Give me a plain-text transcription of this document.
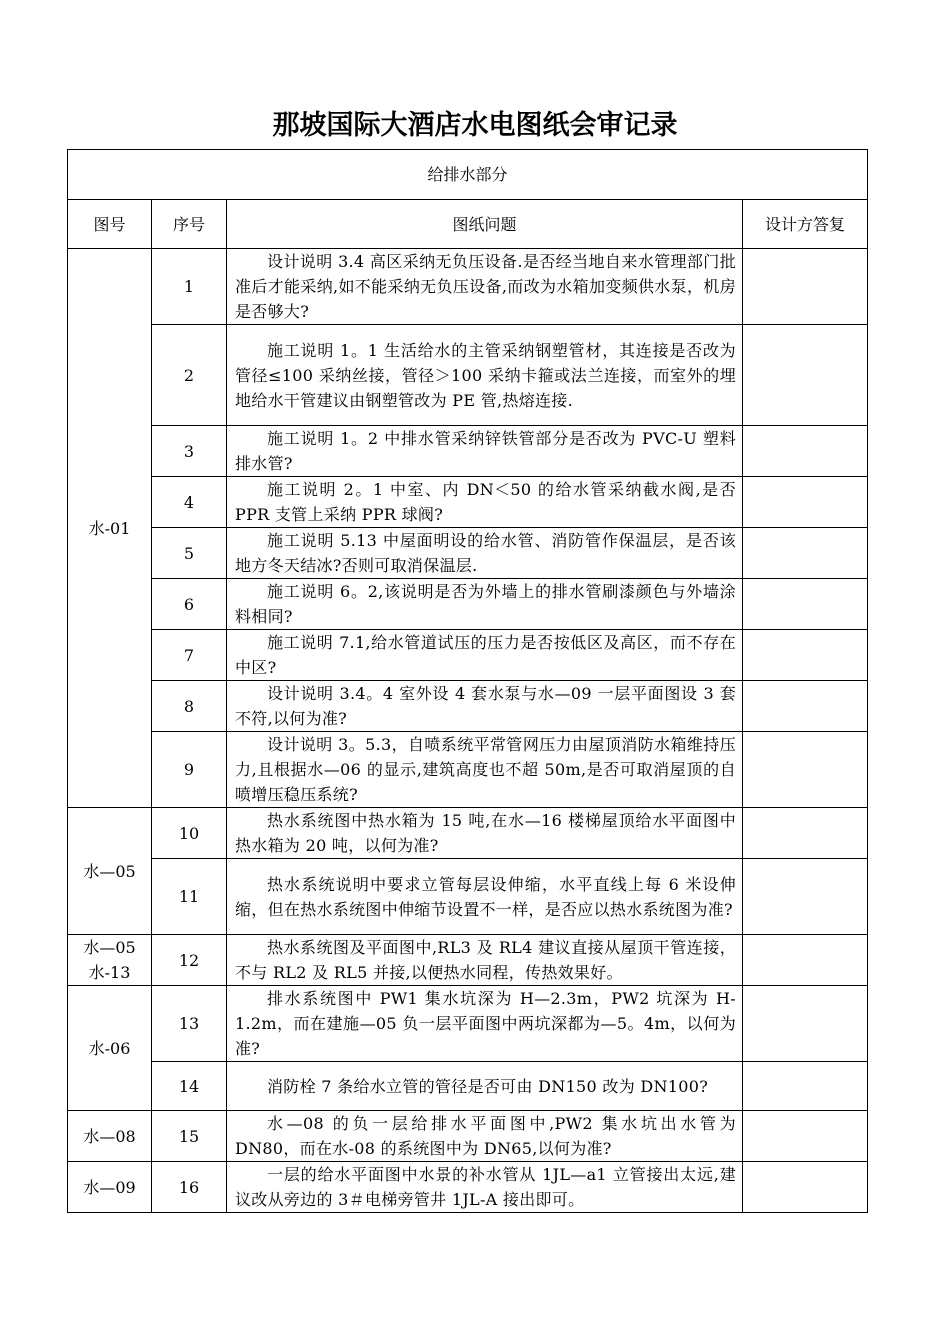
那坡国际大酒店水电图纸会审记录
给排水部分			
图号	序号	图纸问题	设计方答复
水-01	1	设计说明 3.4 高区采纳无负压设备.是否经当地自来水管理部门批准后才能采纳,如不能采纳无负压设备,而改为水箱加变频供水泵，机房是否够大?	
	2	施工说明 1。1 生活给水的主管采纳钢塑管材，其连接是否改为管径≤100 采纳丝接，管径＞100 采纳卡箍或法兰连接，而室外的埋地给水干管建议由钢塑管改为 PE 管,热熔连接.	
	3	施工说明 1。2 中排水管采纳锌铁管部分是否改为 PVC-U 塑料排水管?	
	4	施工说明 2。1 中室、内 DN＜50 的给水管采纳截水阀,是否 PPR 支管上采纳 PPR 球阀?	
	5	施工说明 5.13 中屋面明设的给水管、消防管作保温层，是否该地方冬天结冰?否则可取消保温层.	
	6	施工说明 6。2,该说明是否为外墙上的排水管刷漆颜色与外墙涂料相同?	
	7	施工说明 7.1,给水管道试压的压力是否按低区及高区，而不存在中区?	
	8	设计说明 3.4。4 室外设 4 套水泵与水—09 一层平面图设 3 套不符,以何为准?	
	9	设计说明 3。5.3，自喷系统平常管网压力由屋顶消防水箱维持压力,且根据水—06 的显示,建筑高度也不超 50m,是否可取消屋顶的自喷增压稳压系统?	
水—05	10	热水系统图中热水箱为 15 吨,在水—16 楼梯屋顶给水平面图中热水箱为 20 吨，以何为准?	
	11	热水系统说明中要求立管每层设伸缩，水平直线上每 6 米设伸缩，但在热水系统图中伸缩节设置不一样，是否应以热水系统图为准?	

水—05
水-13	12	热水系统图及平面图中,RL3 及 RL4 建议直接从屋顶干管连接，不与 RL2 及 RL5 并接,以便热水同程，传热效果好。	
水-06	13	排水系统图中 PW1 集水坑深为 H—2.3m，PW2 坑深为 H-1.2m，而在建施—05 负一层平面图中两坑深都为—5。4m，以何为准?	
	14	消防栓 7 条给水立管的管径是否可由 DN150 改为 DN100?	
水—08	15	水—08 的负一层给排水平面图中,PW2 集水坑出水管为 DN80，而在水-08 的系统图中为 DN65,以何为准?	
水—09	16	一层的给水平面图中水景的补水管从 1JL—a1 立管接出太远,建议改从旁边的 3＃电梯旁管井 1JL-A 接出即可。	
